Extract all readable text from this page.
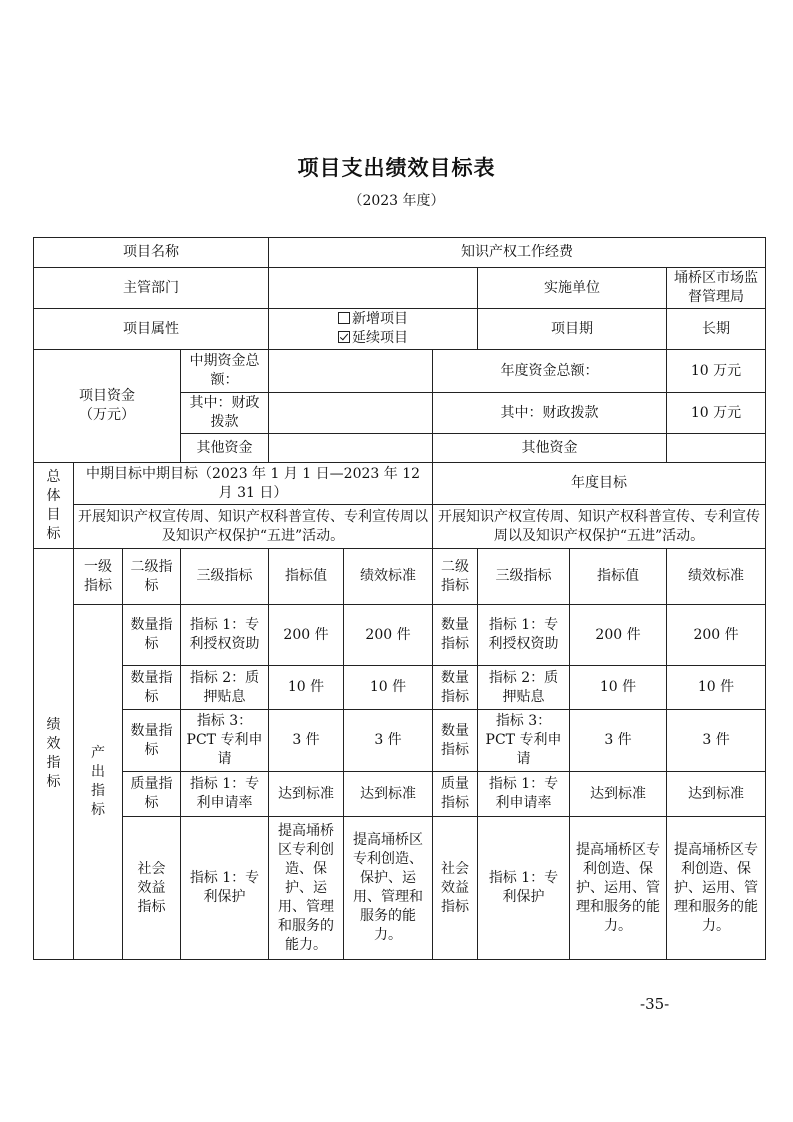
项目支出绩效目标表
（2023 年度）
项目名称				知识产权工作经费					
主管部门							实施单位		埇桥区市场监督管理局
项目属性				新增项目延续项目			项目期		长期

项目资金（万元）			中期资金总额：			年度资金总额：			10 万元
			其中：财政拨款			其中：财政拨款			10 万元
			其他资金			其他资金			

总体目标	中期目标中期目标（2023 年 1 月 1 日—2023 年 12 月 31 日）					年度目标			
	开展知识产权宣传周、知识产权科普宣传、专利宣传周以及知识产权保护“五进”活动。					开展知识产权宣传周、知识产权科普宣传、专利宣传周以及知识产权保护“五进”活动。			

绩效指标	一级指标	二级指标	三级指标	指标值	绩效标准	二级指标	三级指标	指标值	绩效标准

	产出指标	数量指标	指标 1：专利授权资助	200 件	200 件	数量指标	指标 1：专利授权资助	200 件	200 件
		数量指标	指标 2：质押贴息	10 件	10 件	数量指标	指标 2：质押贴息	10 件	10 件
		数量指标	指标 3：PCT 专利申请	3 件	3 件	数量指标	指标 3：PCT 专利申请	3 件	3 件
		质量指标	指标 1：专利申请率	达到标准	达到标准	质量指标	指标 1：专利申请率	达到标准	达到标准

		社会效益指标	指标 1：专利保护	提高埇桥区专利创造、保护、运用、管理和服务的能力。	提高埇桥区专利创造、保护、运用、管理和服务的能力。	社会效益指标	指标 1：专利保护	提高埇桥区专利创造、保护、运用、管理和服务的能力。	提高埇桥区专利创造、保护、运用、管理和服务的能力。
-35-
